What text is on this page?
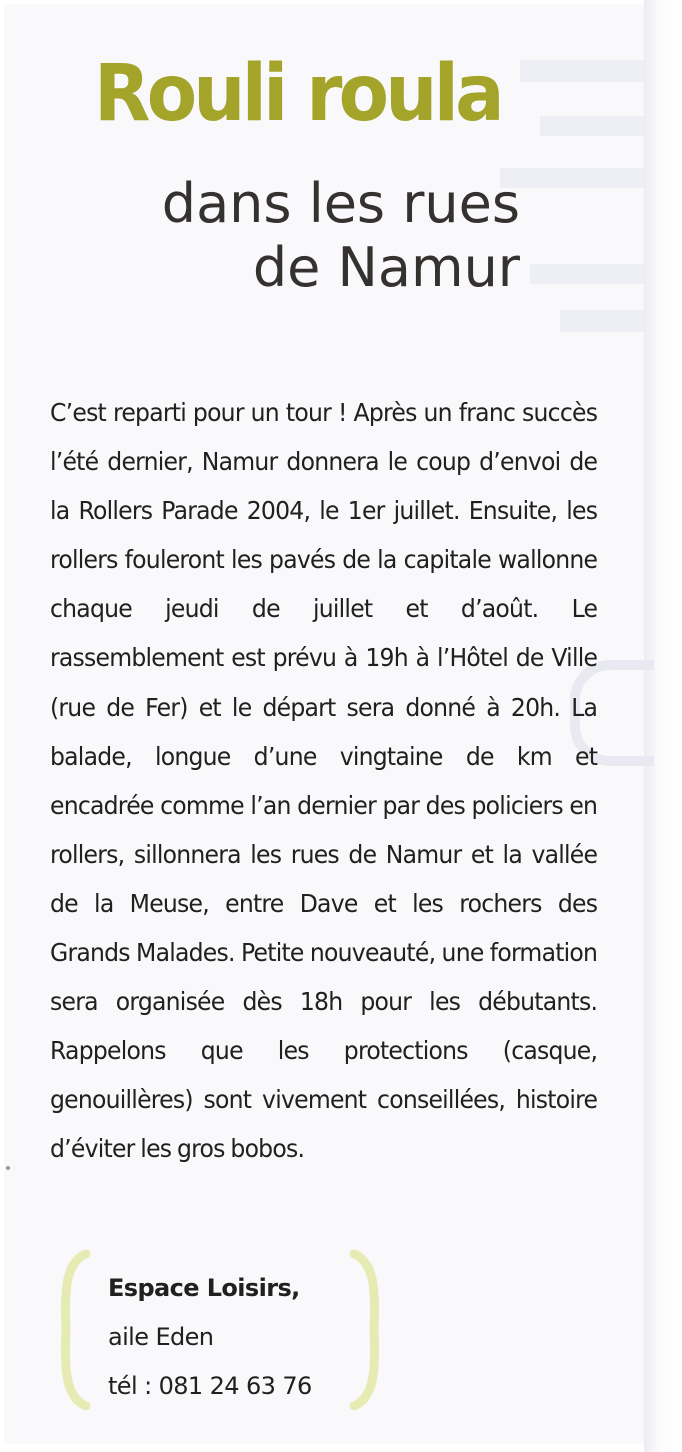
Rouli roula
dans les rues
de Namur

C’est reparti pour un tour ! Après un franc succès l’été dernier, Namur donnera le coup d’envoi de la Rollers Parade 2004, le 1er juillet. Ensuite, les rollers fouleront les pavés de la capitale wallonne chaque jeudi de juillet et d’août. Le rassemblement est prévu à 19h à l’Hôtel de Ville (rue de Fer) et le départ sera donné à 20h. La balade, longue d’une vingtaine de km et encadrée comme l’an dernier par des policiers en rollers, sillonnera les rues de Namur et la vallée de la Meuse, entre Dave et les rochers des Grands Malades. Petite nouveauté, une formation sera organisée dès 18h pour les débutants. Rappelons que les protections (casque, genouillères) sont vivement conseillées, histoire d’éviter les gros bobos.

Espace Loisirs,
aile Eden
tél : 081 24 63 76
